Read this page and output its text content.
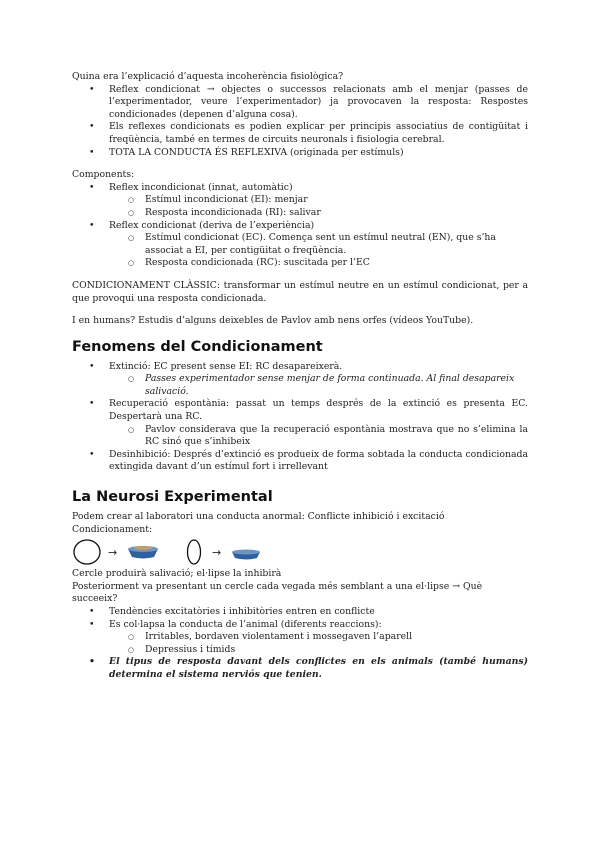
Quina era l’explicació d’aquesta incoherència fisiològica?

• Reflex condicionat → objectes o successos relacionats amb el menjar (passes de l’experimentador, veure l’experimentador) ja provocaven la resposta: Respostes condicionades (depenen d’alguna cosa).
• Els reflexes condicionats es podien explicar per principis associatius de contigüitat i freqüència, també en termes de circuits neuronals i fisiologia cerebral.
• TOTA LA CONDUCTA ÉS REFLEXIVA (originada per estímuls)

Components:

• Reflex incondicionat (innat, automàtic)
○ Estímul incondicionat (EI): menjar
○ Resposta incondicionada (RI): salivar
• Reflex condicionat (deriva de l’experiència)
○ Estímul condicionat (EC). Comença sent un estímul neutral (EN), que s’ha associat a EI, per contigüitat o freqüència.
○ Resposta condicionada (RC): suscitada per l’EC

CONDICIONAMENT CLÀSSIC: transformar un estímul neutre en un estímul condicionat, per a que provoqui una resposta condicionada.

I en humans? Estudis d’alguns deixebles de Pavlov amb nens orfes (vídeos YouTube).

Fenomens del Condicionament
• Extinció: EC present sense EI: RC desapareixerà.
○ Passes experimentador sense menjar de forma continuada. Al final desapareix salivació.
• Recuperació espontània: passat un temps després de la extinció es presenta EC. Despertarà una RC.
○ Pavlov considerava que la recuperació espontània mostrava que no s’elimina la RC sinó que s’inhibeix
• Desinhibició: Després d’extinció es produeix de forma sobtada la conducta condicionada extingida davant d’un estímul fort i irrellevant
La Neurosi Experimental

Podem crear al laboratori una conducta anormal: Conflicte inhibició i excitació

Condicionament:

→	→

Cercle produirà salivació; el·lipse la inhibirà

Posteriorment va presentant un cercle cada vegada més semblant a una el·lipse → Què succeeix?

• Tendències excitatòries i inhibitòries entren en conflicte
• Es col·lapsa la conducta de l’animal (diferents reaccions):
○ Irritables, bordaven violentament i mossegaven l’aparell
○ Depressius i tímids
• El tipus de resposta davant dels conflictes en els animals (també humans) determina el sistema nerviós que tenien.
